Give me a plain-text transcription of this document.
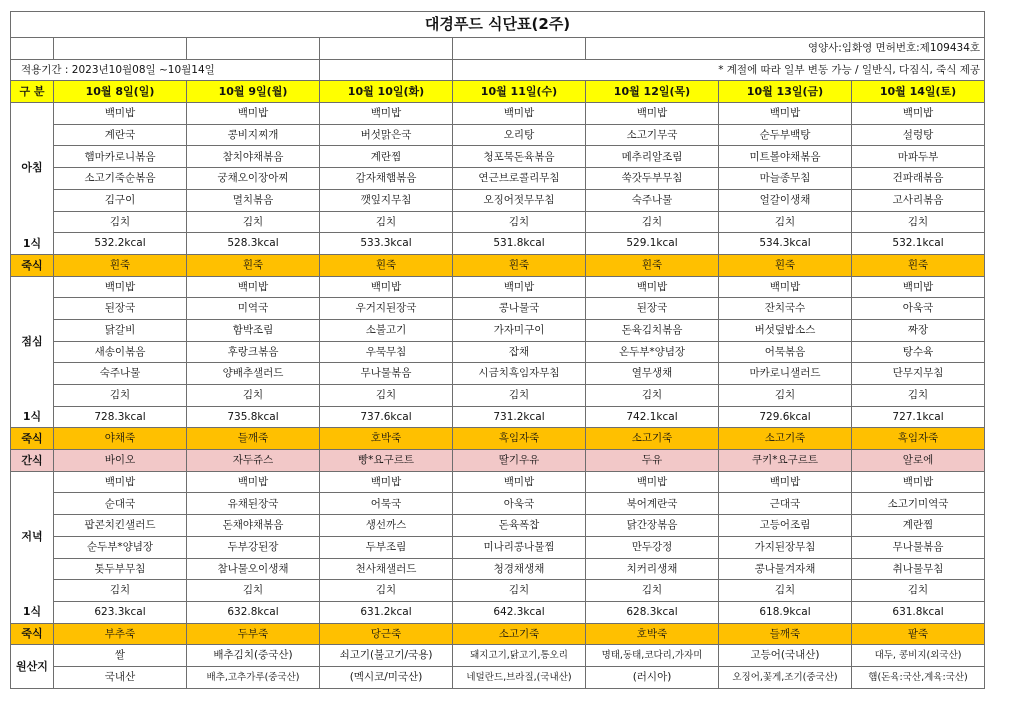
대경푸드 식단표(2주)							
					영양사:임화영 면허번호:제109434호		
적용기간 : 2023년10월08일 ~10월14일				* 계절에 따라 일부 변동 가능 / 일반식, 다짐식, 죽식 제공			
구 분	10월 8일(일)	10월 9일(월)	10월 10일(화)	10월 11일(수)	10월 12일(목)	10월 13일(금)	10월 14일(토)
아침	백미밥	백미밥	백미밥	백미밥	백미밥	백미밥	백미밥
	계란국	콩비지찌개	버섯맑은국	오리탕	소고기무국	순두부백탕	설렁탕
	햄마카로니볶음	참치야채볶음	계란찜	청포묵돈육볶음	메추리알조림	미트볼야채볶음	마파두부
	소고기죽순볶음	궁채오이장아찌	감자채햄볶음	연근브로콜리무침	쑥갓두부무침	마늘종무침	건파래볶음
	김구이	멸치볶음	깻잎지무침	오징어젓무무침	숙주나물	얼갈이생채	고사리볶음
	김치	김치	김치	김치	김치	김치	김치
1식	532.2kcal	528.3kcal	533.3kcal	531.8kcal	529.1kcal	534.3kcal	532.1kcal
죽식	흰죽	흰죽	흰죽	흰죽	흰죽	흰죽	흰죽
점심	백미밥	백미밥	백미밥	백미밥	백미밥	백미밥	백미밥
	된장국	미역국	우거지된장국	콩나물국	된장국	잔치국수	아욱국
	닭갈비	함박조림	소불고기	가자미구이	돈육김치볶음	버섯덮밥소스	짜장
	새송이볶음	후랑크볶음	우묵무침	잡채	온두부*양념장	어묵볶음	탕수육
	숙주나물	양배추샐러드	무나물볶음	시금치흑임자무침	열무생채	마카로니샐러드	단무지무침
	김치	김치	김치	김치	김치	김치	김치
1식	728.3kcal	735.8kcal	737.6kcal	731.2kcal	742.1kcal	729.6kcal	727.1kcal
죽식	야채죽	들깨죽	호박죽	흑임자죽	소고기죽	소고기죽	흑임자죽
간식	바이오	자두쥬스	빵*요구르트	딸기우유	두유	쿠키*요구르트	알로에
저녁	백미밥	백미밥	백미밥	백미밥	백미밥	백미밥	백미밥
	순대국	유채된장국	어묵국	아욱국	북어계란국	근대국	소고기미역국
	팝콘치킨샐러드	돈채야채볶음	생선까스	돈육폭찹	닭간장볶음	고등어조림	계란찜
	순두부*양념장	두부강된장	두부조림	미나리콩나물찜	만두강정	가지된장무침	무나물볶음
	톳두부무침	참나물오이생채	천사채샐러드	청경채생채	치커리생채	콩나물겨자채	취나물무침
	김치	김치	김치	김치	김치	김치	김치
1식	623.3kcal	632.8kcal	631.2kcal	642.3kcal	628.3kcal	618.9kcal	631.8kcal
죽식	부추죽	두부죽	당근죽	소고기죽	호박죽	들깨죽	팥죽
원산지	쌀	배추김치(중국산)	쇠고기(불고기/국용)	돼지고기,닭고기,통오리	명태,동태,코다리,가자미	고등어(국내산)	대두, 콩비지(외국산)
	국내산	배추,고추가루(중국산)	(멕시코/미국산)	네덜란드,브라질,(국내산)	(러시아)	오징어,꽃게,조기(중국산)	햄(돈육:국산,계육:국산)
